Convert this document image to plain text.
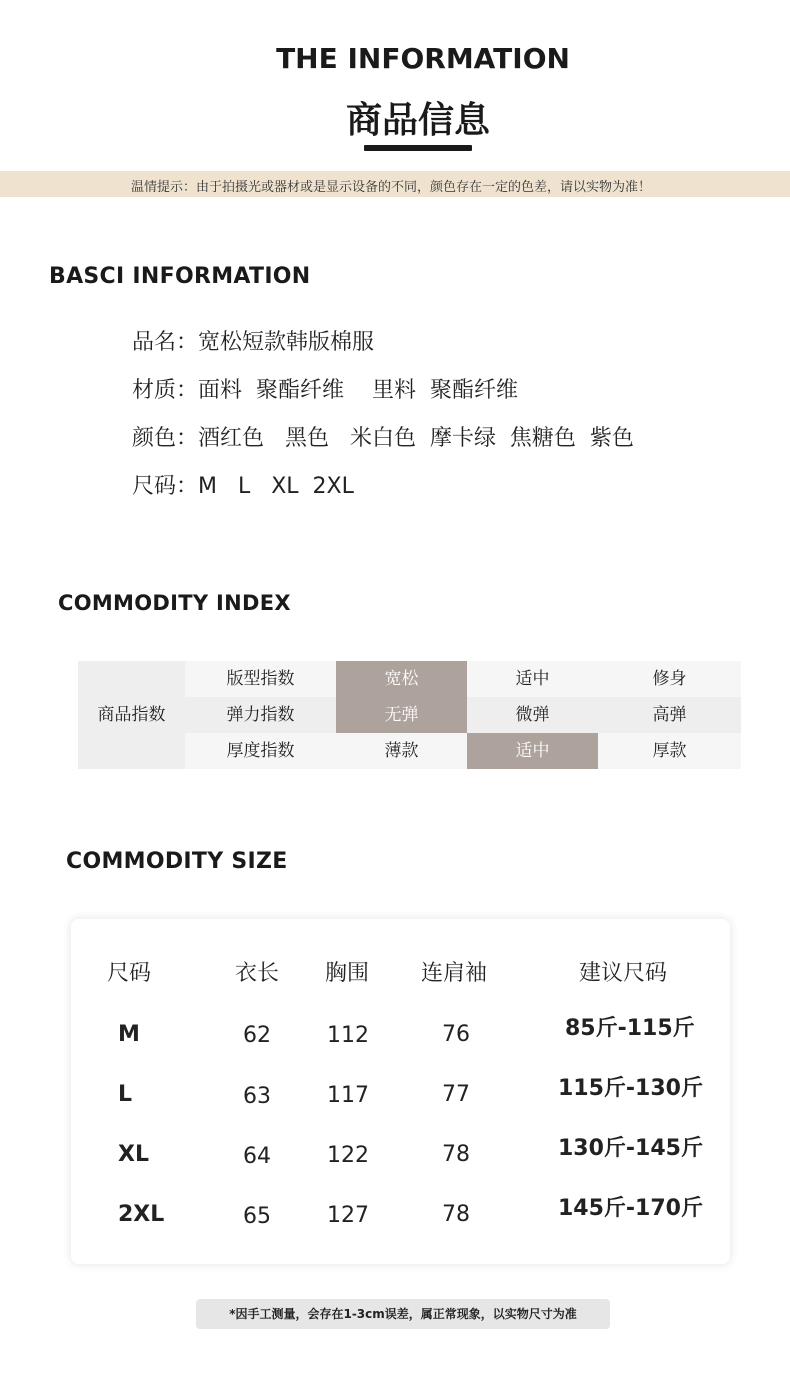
THE INFORMATION
商品信息
温情提示：由于拍摄光或器材或是显示设备的不同，颜色存在一定的色差，请以实物为准！
BASCI INFORMATION
品名：宽松短款韩版棉服
材质：面料  聚酯纤维    里料  聚酯纤维
颜色：酒红色   黑色   米白色  摩卡绿  焦糖色  紫色
尺码：M   L   XL  2XL
COMMODITY INDEX
商品指数
版型指数	宽松	适中	修身
弹力指数	无弹	微弹	高弹
厚度指数	薄款	适中	厚款
COMMODITY SIZE
尺码	衣长 胸围 连肩袖	建议尺码
M	62	112	76	85斤-115斤
L	63	117	77	115斤-130斤
XL	64	122	78	130斤-145斤
2XL	65	127	78	145斤-170斤
*因手工测量，会存在1-3cm误差，属正常现象，以实物尺寸为准
